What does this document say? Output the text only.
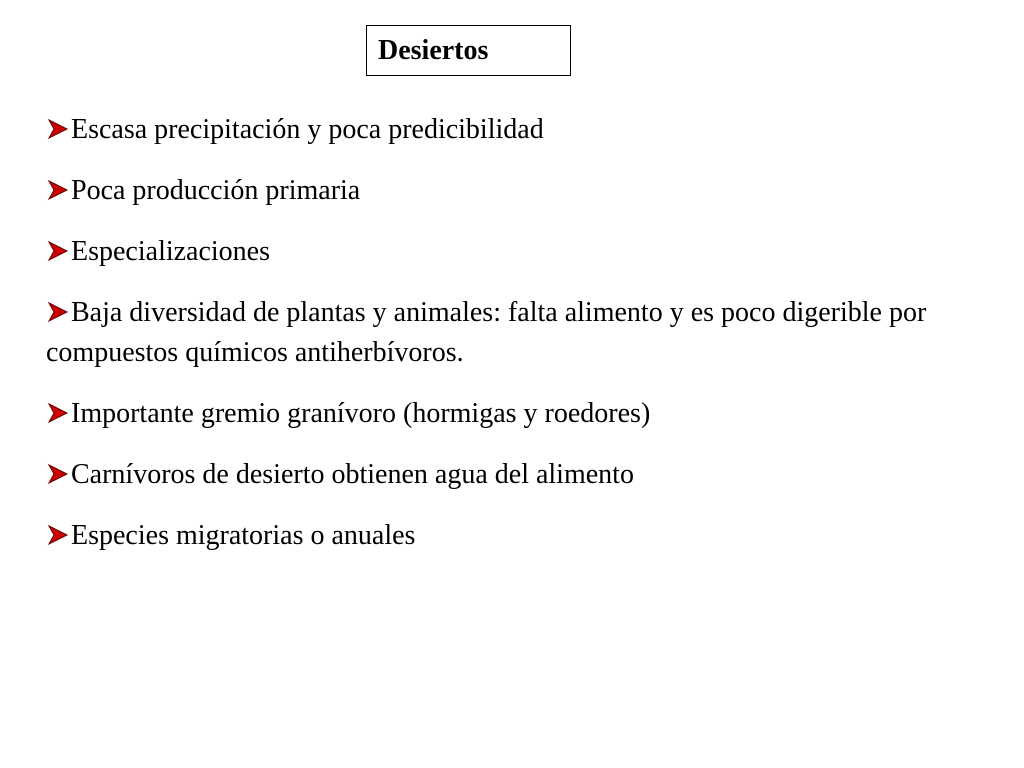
Desiertos
Escasa precipitación y poca predicibilidad
Poca producción primaria
Especializaciones
Baja diversidad de plantas y animales: falta alimento y es poco digerible por compuestos químicos antiherbívoros.
Importante gremio granívoro (hormigas y roedores)
Carnívoros de desierto obtienen agua del alimento
Especies migratorias o anuales
